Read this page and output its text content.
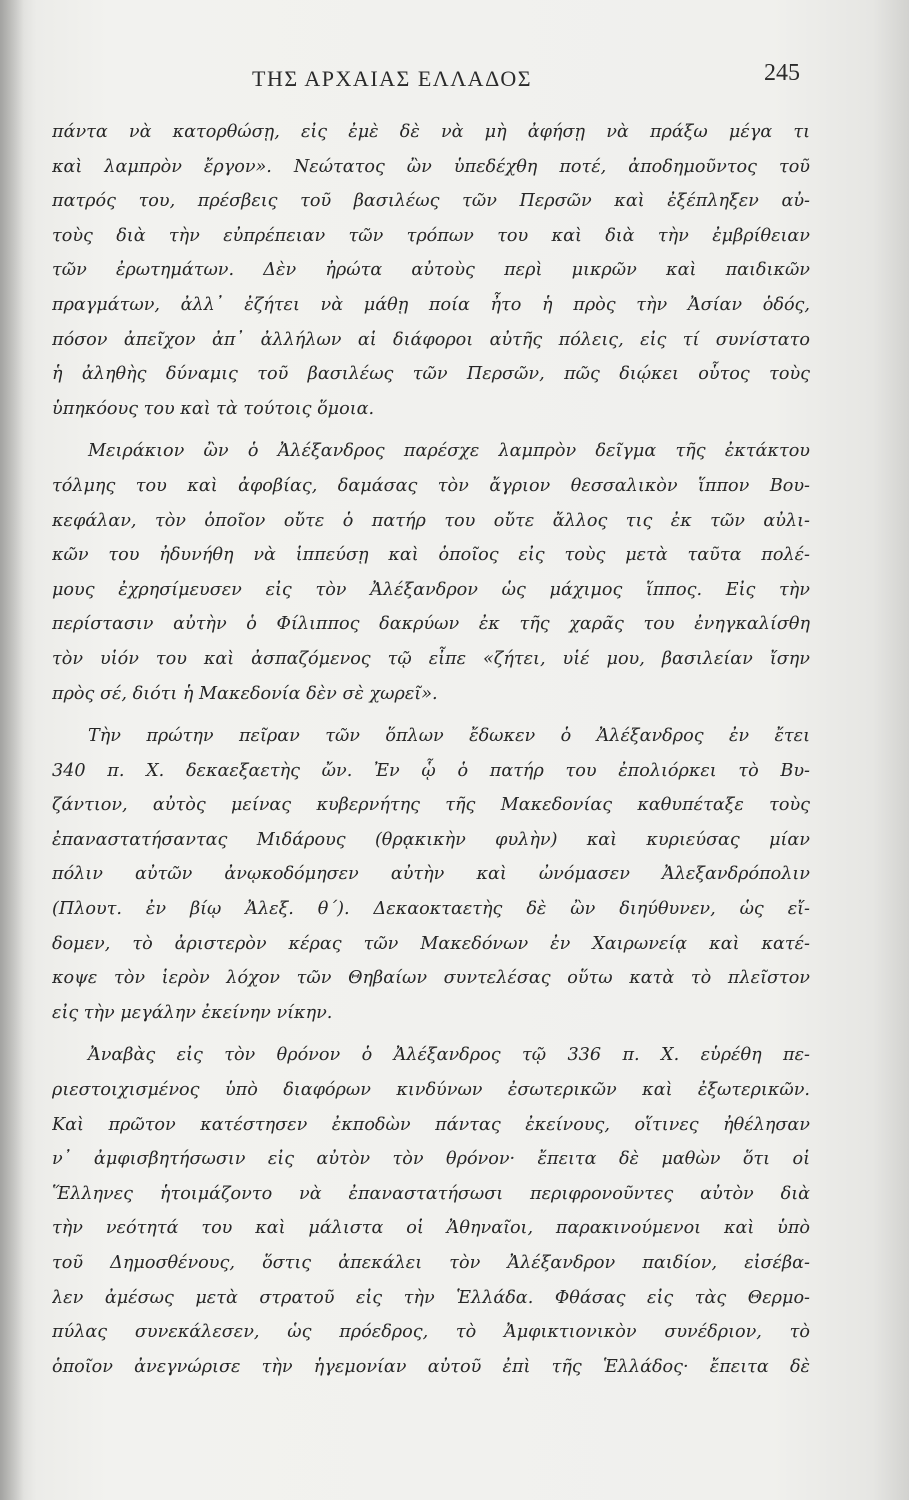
ΤΗΣ ΑΡΧΑΙΑΣ ΕΛΛΑΔΟΣ	245
πάντα νὰ κατορθώσῃ, εἰς ἐμὲ δὲ νὰ μὴ ἀφήσῃ νὰ πράξω μέγα τι
καὶ λαμπρὸν ἔργον». Νεώτατος ὢν ὑπεδέχθη ποτέ, ἀποδημοῦντος τοῦ
πατρός του, πρέσβεις τοῦ βασιλέως τῶν Περσῶν καὶ ἐξέπληξεν αὐ-
τοὺς διὰ τὴν εὐπρέπειαν τῶν τρόπων του καὶ διὰ τὴν ἐμβρίθειαν
τῶν ἐρωτημάτων. Δὲν ἠρώτα αὐτοὺς περὶ μικρῶν καὶ παιδικῶν
πραγμάτων, ἀλλ᾽ ἐζήτει νὰ μάθῃ ποία ἦτο ἡ πρὸς τὴν Ἀσίαν ὁδός,
πόσον ἀπεῖχον ἀπ᾽ ἀλλήλων αἱ διάφοροι αὐτῆς πόλεις, εἰς τί συνίστατο
ἡ ἀληθὴς δύναμις τοῦ βασιλέως τῶν Περσῶν, πῶς διῴκει οὗτος τοὺς
ὑπηκόους του καὶ τὰ τούτοις ὅμοια.
Μειράκιον ὢν ὁ Ἀλέξανδρος παρέσχε λαμπρὸν δεῖγμα τῆς ἐκτάκτου
τόλμης του καὶ ἀφοβίας, δαμάσας τὸν ἄγριον θεσσαλικὸν ἵππον Βου-
κεφάλαν, τὸν ὁποῖον οὔτε ὁ πατήρ του οὔτε ἄλλος τις ἐκ τῶν αὐλι-
κῶν του ἠδυνήθη νὰ ἱππεύσῃ καὶ ὁποῖος εἰς τοὺς μετὰ ταῦτα πολέ-
μους ἐχρησίμευσεν εἰς τὸν Ἀλέξανδρον ὡς μάχιμος ἵππος. Εἰς τὴν
περίστασιν αὐτὴν ὁ Φίλιππος δακρύων ἐκ τῆς χαρᾶς του ἐνηγκαλίσθη
τὸν υἱόν του καὶ ἀσπαζόμενος τῷ εἶπε «ζήτει, υἱέ μου, βασιλείαν ἴσην
πρὸς σέ, διότι ἡ Μακεδονία δὲν σὲ χωρεῖ».
Τὴν πρώτην πεῖραν τῶν ὅπλων ἔδωκεν ὁ Ἀλέξανδρος ἐν ἔτει
340 π. Χ. δεκαεξαετὴς ὤν. Ἐν ᾧ ὁ πατήρ του ἐπολιόρκει τὸ Βυ-
ζάντιον, αὐτὸς μείνας κυβερνήτης τῆς Μακεδονίας καθυπέταξε τοὺς
ἐπαναστατήσαντας Μιδάρους (θρᾳκικὴν φυλὴν) καὶ κυριεύσας μίαν
πόλιν αὐτῶν ἀνῳκοδόμησεν αὐτὴν καὶ ὠνόμασεν Ἀλεξανδρόπολιν
(Πλουτ. ἐν βίῳ Ἀλεξ. θ΄). Δεκαοκταετὴς δὲ ὢν διηύθυνεν, ὡς εἴ-
δομεν, τὸ ἀριστερὸν κέρας τῶν Μακεδόνων ἐν Χαιρωνείᾳ καὶ κατέ-
κοψε τὸν ἱερὸν λόχον τῶν Θηβαίων συντελέσας οὕτω κατὰ τὸ πλεῖστον
εἰς τὴν μεγάλην ἐκείνην νίκην.
Ἀναβὰς εἰς τὸν θρόνον ὁ Ἀλέξανδρος τῷ 336 π. Χ. εὑρέθη πε-
ριεστοιχισμένος ὑπὸ διαφόρων κινδύνων ἐσωτερικῶν καὶ ἐξωτερικῶν.
Καὶ πρῶτον κατέστησεν ἐκποδὼν πάντας ἐκείνους, οἵτινες ἠθέλησαν
ν᾽ ἀμφισβητήσωσιν εἰς αὐτὸν τὸν θρόνον· ἔπειτα δὲ μαθὼν ὅτι οἱ
Ἕλληνες ἡτοιμάζοντο νὰ ἐπαναστατήσωσι περιφρονοῦντες αὐτὸν διὰ
τὴν νεότητά του καὶ μάλιστα οἱ Ἀθηναῖοι, παρακινούμενοι καὶ ὑπὸ
τοῦ Δημοσθένους, ὅστις ἀπεκάλει τὸν Ἀλέξανδρον παιδίον, εἰσέβα-
λεν ἀμέσως μετὰ στρατοῦ εἰς τὴν Ἑλλάδα. Φθάσας εἰς τὰς Θερμο-
πύλας συνεκάλεσεν, ὡς πρόεδρος, τὸ Ἀμφικτιονικὸν συνέδριον, τὸ
ὁποῖον ἀνεγνώρισε τὴν ἡγεμονίαν αὐτοῦ ἐπὶ τῆς Ἑλλάδος· ἔπειτα δὲ
